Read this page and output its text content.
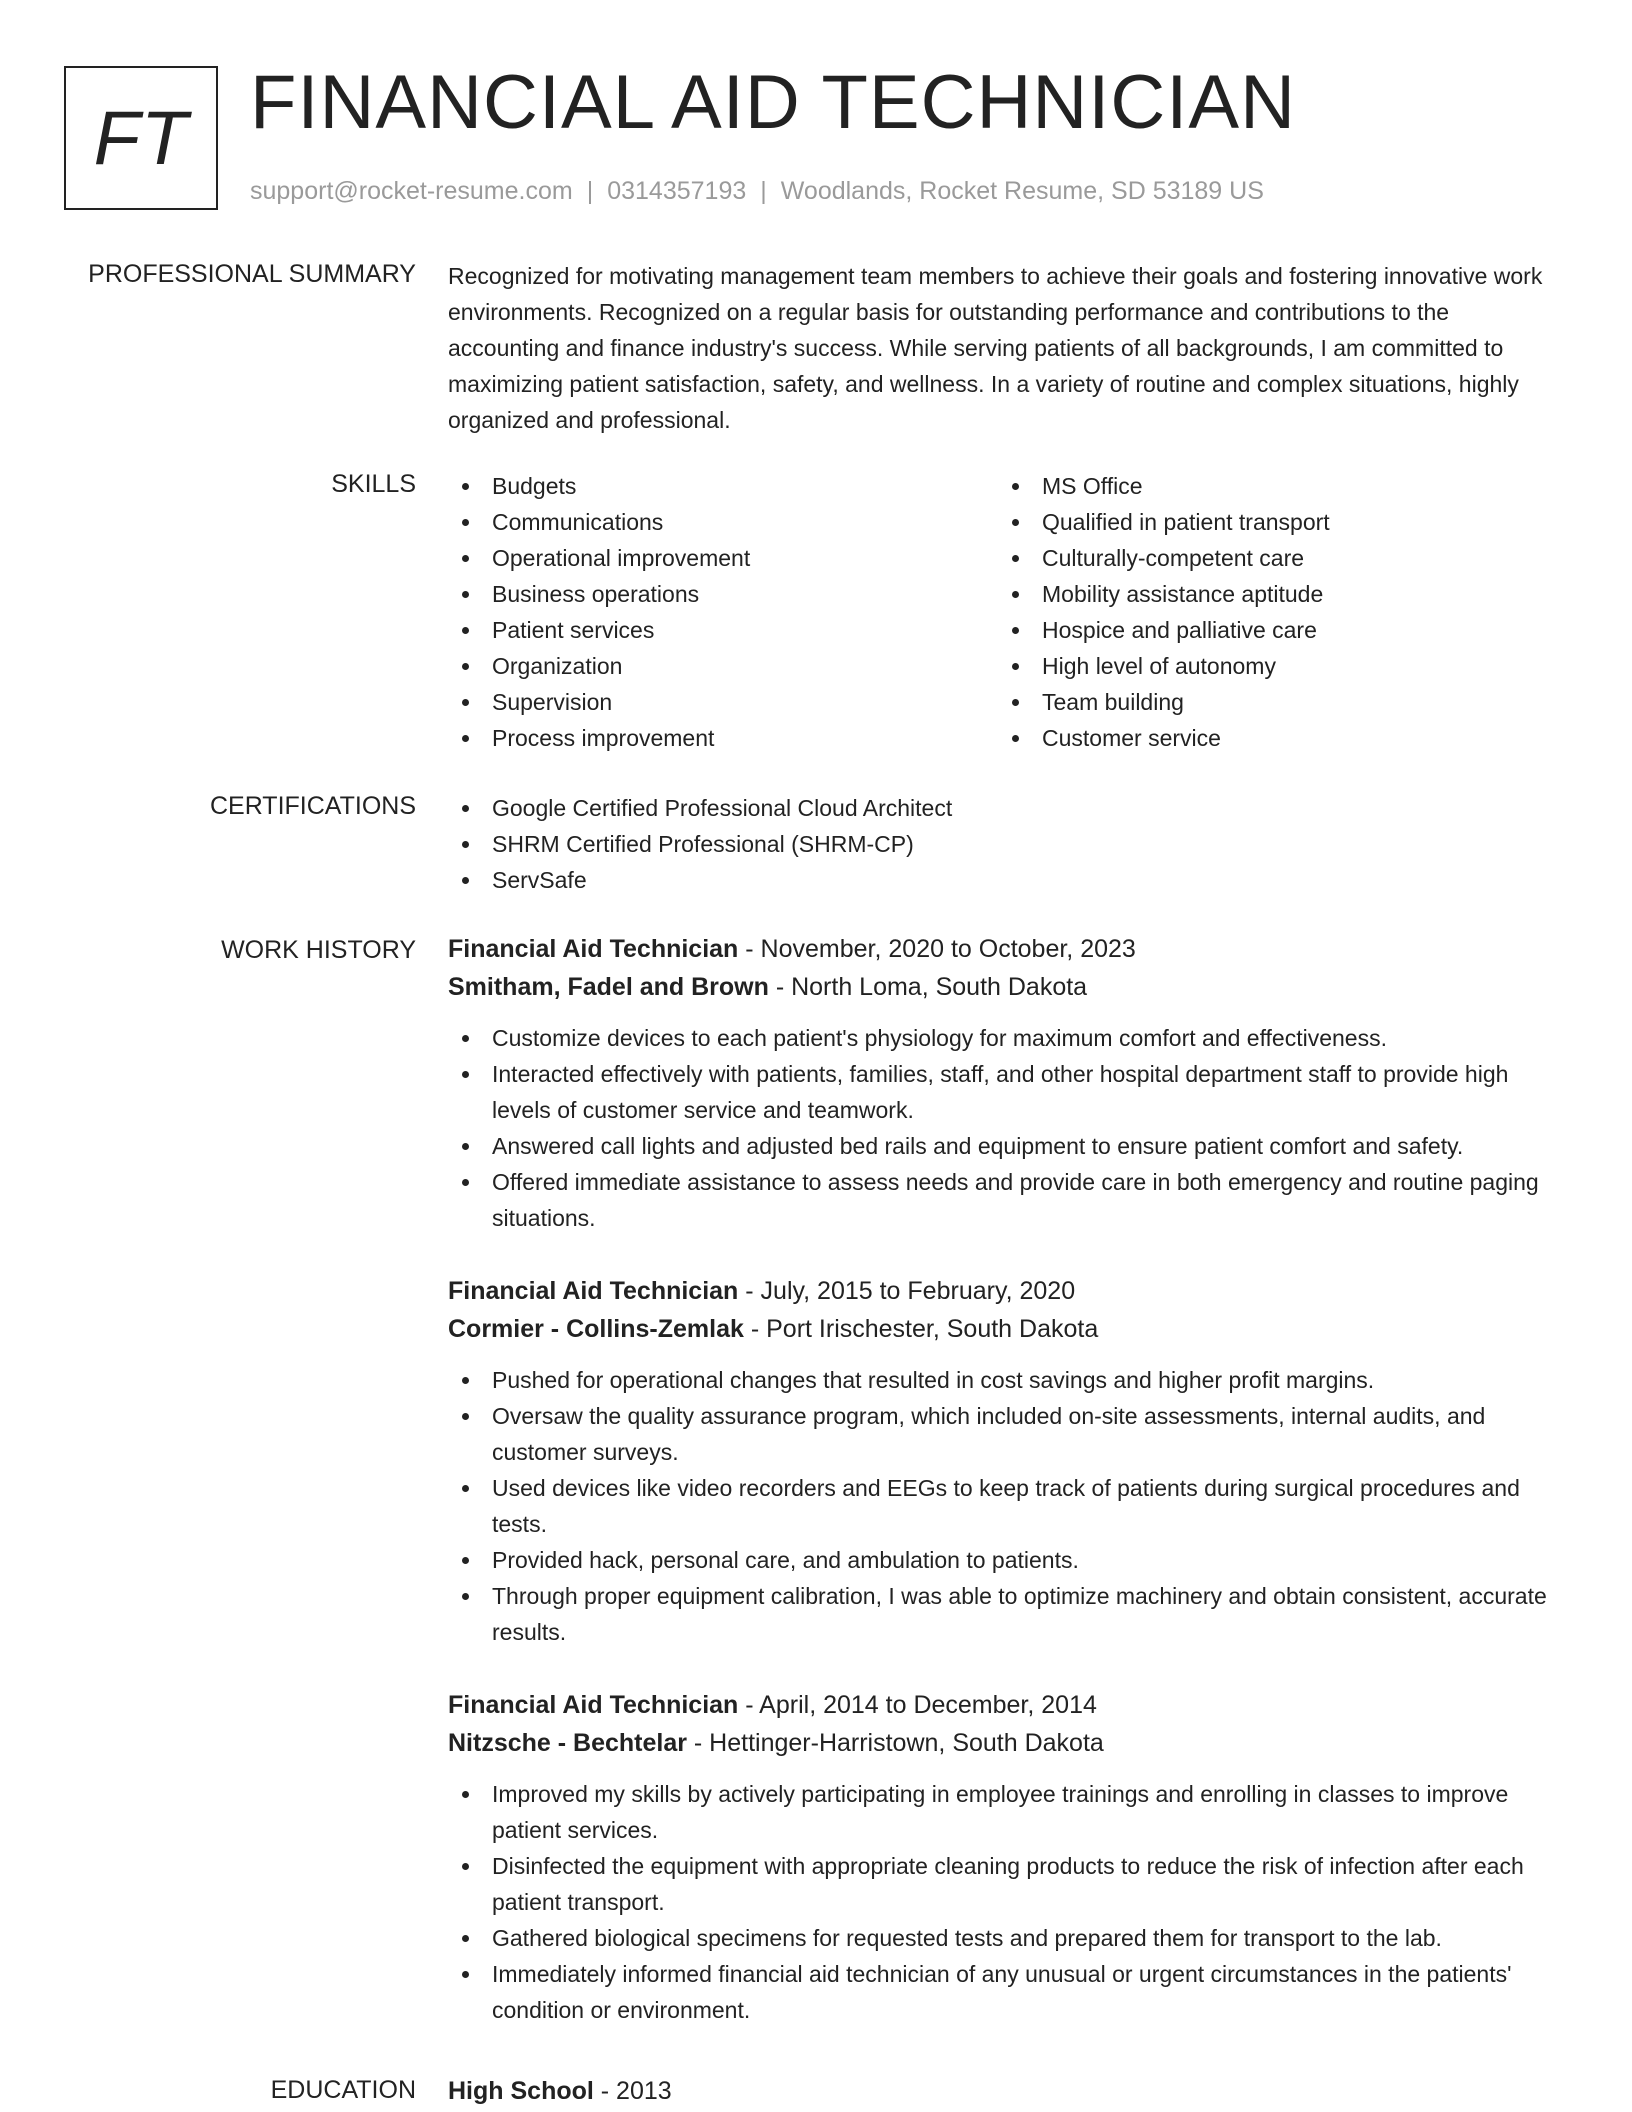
FT FINANCIAL AID TECHNICIAN
support@rocket-resume.com | 0314357193 | Woodlands, Rocket Resume, SD 53189 US
PROFESSIONAL SUMMARY Recognized for motivating management team members to achieve their goals and fostering innovative work environments. Recognized on a regular basis for outstanding performance and contributions to the accounting and finance industry's success. While serving patients of all backgrounds, I am committed to maximizing patient satisfaction, safety, and wellness. In a variety of routine and complex situations, highly organized and professional.
SKILLS	Budgets
Communications
Operational improvement
Business operations
Patient services
Organization
Supervision
Process improvement
MS Office
Qualified in patient transport
Culturally-competent care
Mobility assistance aptitude
Hospice and palliative care
High level of autonomy
Team building
Customer service
CERTIFICATIONS	Google Certified Professional Cloud Architect
SHRM Certified Professional (SHRM-CP)
ServSafe
WORK HISTORY Financial Aid Technician - November, 2020 to October, 2023
Smitham, Fadel and Brown - North Loma, South Dakota
Customize devices to each patient's physiology for maximum comfort and effectiveness.
Interacted effectively with patients, families, staff, and other hospital department staff to provide high levels of customer service and teamwork.
Answered call lights and adjusted bed rails and equipment to ensure patient comfort and safety.
Offered immediate assistance to assess needs and provide care in both emergency and routine paging situations.
Financial Aid Technician - July, 2015 to February, 2020
Cormier - Collins-Zemlak - Port Irischester, South Dakota
Pushed for operational changes that resulted in cost savings and higher profit margins.
Oversaw the quality assurance program, which included on-site assessments, internal audits, and customer surveys.
Used devices like video recorders and EEGs to keep track of patients during surgical procedures and tests.
Provided hack, personal care, and ambulation to patients.
Through proper equipment calibration, I was able to optimize machinery and obtain consistent, accurate results.
Financial Aid Technician - April, 2014 to December, 2014
Nitzsche - Bechtelar - Hettinger-Harristown, South Dakota
Improved my skills by actively participating in employee trainings and enrolling in classes to improve patient services.
Disinfected the equipment with appropriate cleaning products to reduce the risk of infection after each patient transport.
Gathered biological specimens for requested tests and prepared them for transport to the lab.
Immediately informed financial aid technician of any unusual or urgent circumstances in the patients' condition or environment.
EDUCATION High School - 2013
